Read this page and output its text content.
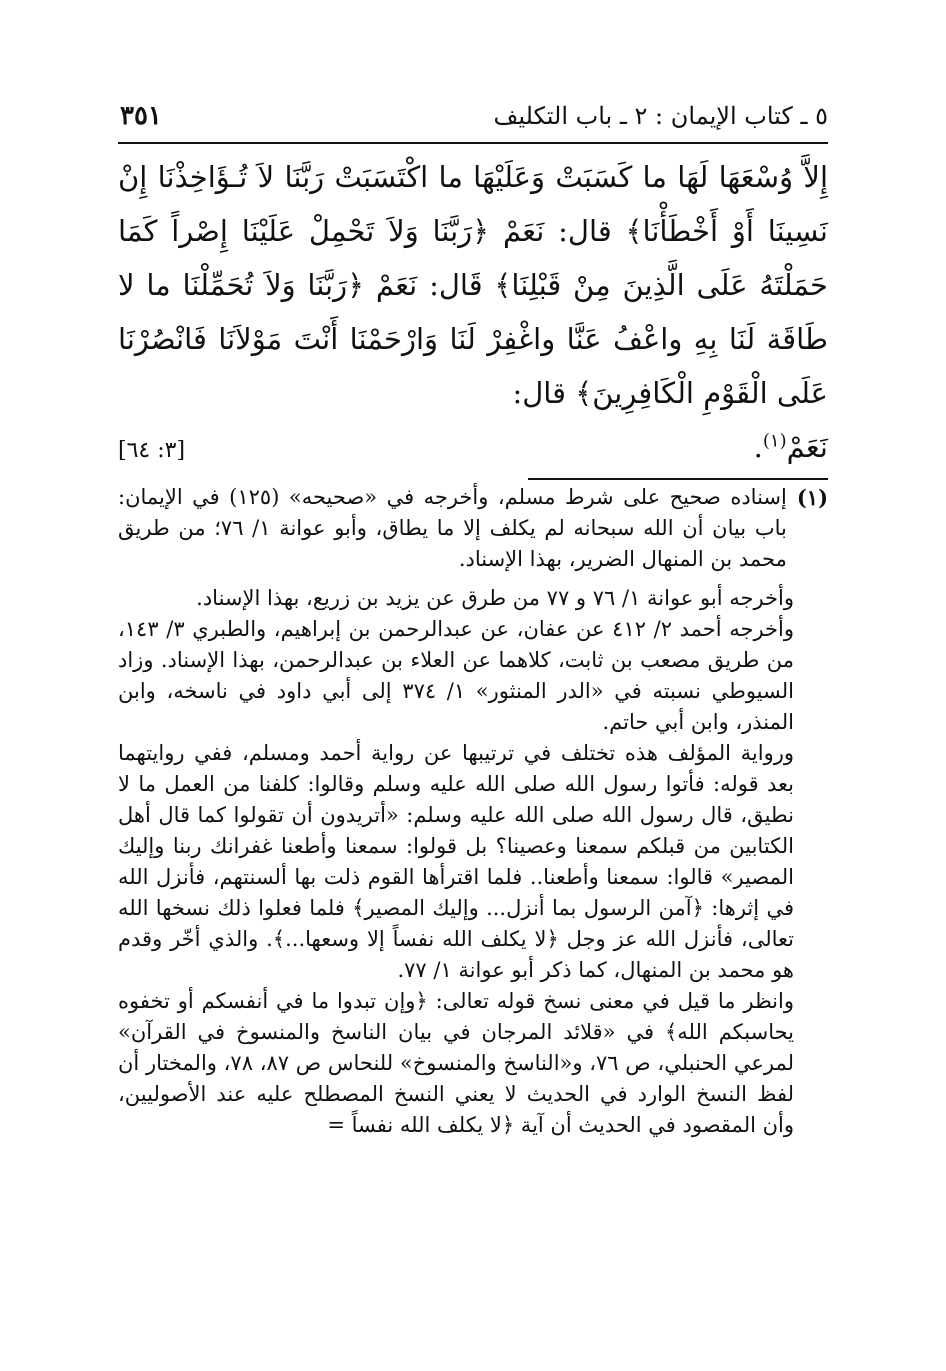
٣٥١	٥ ـ كتاب الإيمان : ٢ ـ باب التكليف

إِلاَّ وُسْعَهَا لَهَا ما كَسَبَتْ وَعَلَيْهَا ما اكْتَسَبَتْ رَبَّنَا لاَ تُـؤَاخِذْنَا إِنْ نَسِينَا أَوْ أَخْطَأْنَا﴾ قال: نَعَمْ ﴿رَبَّنَا وَلاَ تَحْمِلْ عَلَيْنَا إِصْراً كَمَا حَمَلْتَهُ عَلَى الَّذِينَ مِنْ قَبْلِنَا﴾ قَال: نَعَمْ ﴿رَبَّنَا وَلاَ تُحَمِّلْنَا ما لا طَاقَة لَنَا بِهِ واعْفُ عَنَّا واغْفِرْ لَنَا وَارْحَمْنَا أَنْتَ مَوْلاَنَا فَانْصُرْنَا عَلَى الْقَوْمِ الْكَافِرِينَ﴾ قال:

نَعَمْ$^{(١)}$.
[٣: ٦٤]
(١)
إسناده صحيح على شرط مسلم، وأخرجه في «صحيحه» (١٢٥) في الإيمان: باب بيان أن الله سبحانه لم يكلف إلا ما يطاق، وأبو عوانة ١/ ٧٦؛ من طريق محمد بن المنهال الضرير، بهذا الإسناد.

وأخرجه أبو عوانة ١/ ٧٦ و ٧٧ من طرق عن يزيد بن زريع، بهذا الإسناد.

وأخرجه أحمد ٢/ ٤١٢ عن عفان، عن عبدالرحمن بن إبراهيم، والطبري ٣/ ١٤٣، من طريق مصعب بن ثابت، كلاهما عن العلاء بن عبدالرحمن، بهذا الإسناد. وزاد السيوطي نسبته في «الدر المنثور» ١/ ٣٧٤ إلى أبي داود في ناسخه، وابن المنذر، وابن أبي حاتم.

ورواية المؤلف هذه تختلف في ترتيبها عن رواية أحمد ومسلم، ففي روايتهما بعد قوله: فأتوا رسول الله صلى الله عليه وسلم وقالوا: كلفنا من العمل ما لا نطيق، قال رسول الله صلى الله عليه وسلم: «أتريدون أن تقولوا كما قال أهل الكتابين من قبلكم سمعنا وعصينا؟ بل قولوا: سمعنا وأطعنا غفرانك ربنا وإليك المصير» قالوا: سمعنا وأطعنا.. فلما اقترأها القوم ذلت بها ألسنتهم، فأنزل الله في إثرها: ﴿آمن الرسول بما أنزل... وإليك المصير﴾ فلما فعلوا ذلك نسخها الله تعالى، فأنزل الله عز وجل ﴿لا يكلف الله نفساً إلا وسعها...﴾. والذي أخّر وقدم هو محمد بن المنهال، كما ذكر أبو عوانة ١/ ٧٧.

وانظر ما قيل في معنى نسخ قوله تعالى: ﴿وإن تبدوا ما في أنفسكم أو تخفوه يحاسبكم الله﴾ في «قلائد المرجان في بيان الناسخ والمنسوخ في القرآن» لمرعي الحنبلي، ص ٧٦، و«الناسخ والمنسوخ» للنحاس ص ٨٧، ٧٨، والمختار أن لفظ النسخ الوارد في الحديث لا يعني النسخ المصطلح عليه عند الأصوليين، وأن المقصود في الحديث أن آية ﴿لا يكلف الله نفساً =
